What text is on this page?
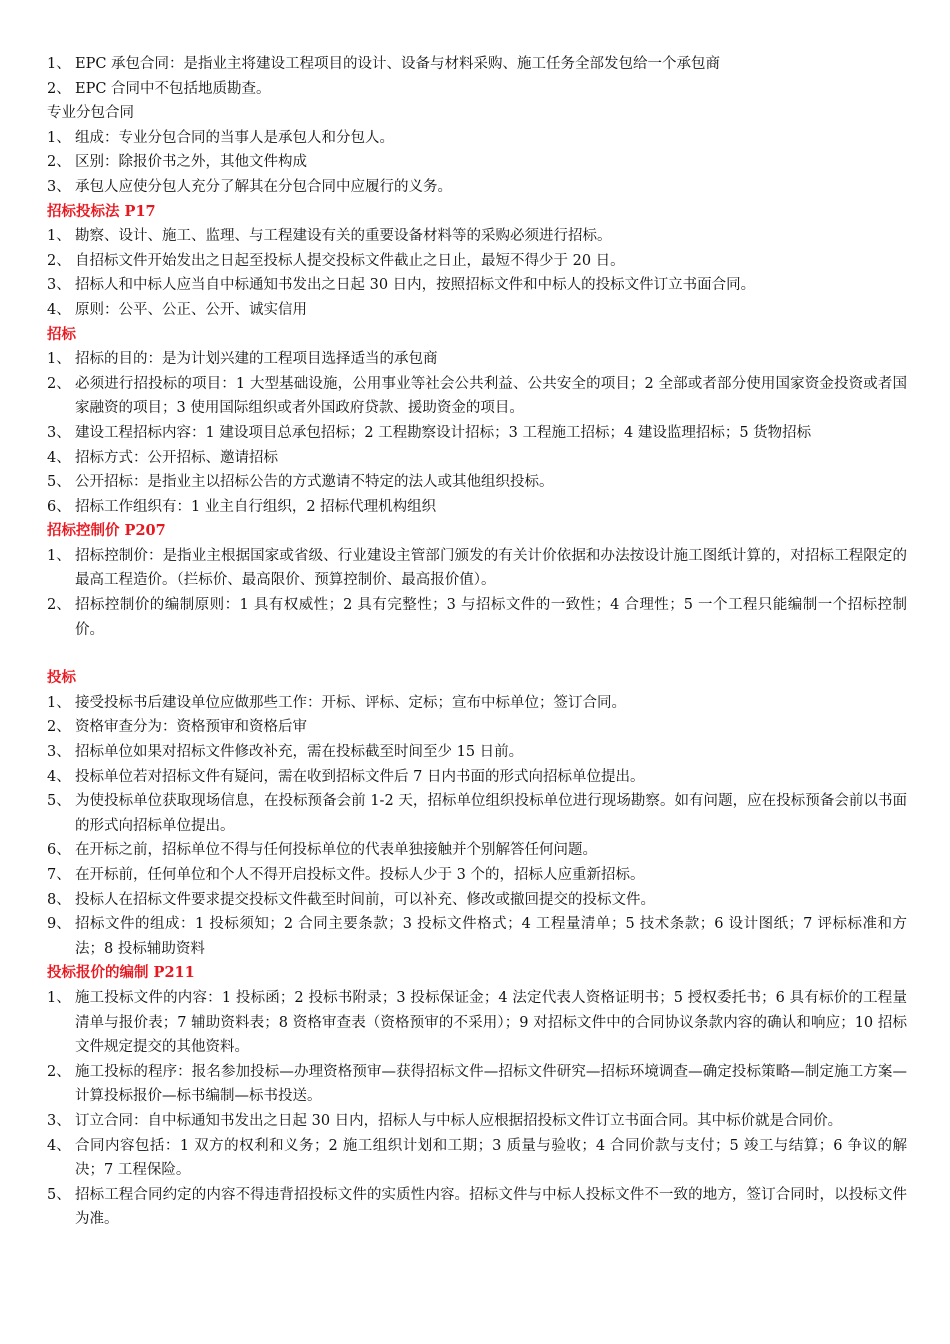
1、 EPC 承包合同：是指业主将建设工程项目的设计、设备与材料采购、施工任务全部发包给一个承包商
2、 EPC 合同中不包括地质勘查。
专业分包合同
1、 组成：专业分包合同的当事人是承包人和分包人。
2、 区别：除报价书之外，其他文件构成
3、 承包人应使分包人充分了解其在分包合同中应履行的义务。
招标投标法 P17
1、 勘察、设计、施工、监理、与工程建设有关的重要设备材料等的采购必须进行招标。
2、 自招标文件开始发出之日起至投标人提交投标文件截止之日止，最短不得少于 20 日。
3、 招标人和中标人应当自中标通知书发出之日起 30 日内，按照招标文件和中标人的投标文件订立书面合同。
4、 原则：公平、公正、公开、诚实信用
招标
1、 招标的目的：是为计划兴建的工程项目选择适当的承包商
2、 必须进行招投标的项目：1 大型基础设施，公用事业等社会公共利益、公共安全的项目；2 全部或者部分使用国家资金投资或者国家融资的项目；3 使用国际组织或者外国政府贷款、援助资金的项目。
3、 建设工程招标内容：1 建设项目总承包招标；2 工程勘察设计招标；3 工程施工招标；4 建设监理招标；5 货物招标
4、 招标方式：公开招标、邀请招标
5、 公开招标：是指业主以招标公告的方式邀请不特定的法人或其他组织投标。
6、 招标工作组织有：1 业主自行组织，2 招标代理机构组织
招标控制价 P207
1、 招标控制价：是指业主根据国家或省级、行业建设主管部门颁发的有关计价依据和办法按设计施工图纸计算的，对招标工程限定的最高工程造价。（拦标价、最高限价、预算控制价、最高报价值）。
2、 招标控制价的编制原则：1 具有权威性；2 具有完整性；3 与招标文件的一致性；4 合理性；5 一个工程只能编制一个招标控制价。
投标
1、 接受投标书后建设单位应做那些工作：开标、评标、定标；宣布中标单位；签订合同。
2、 资格审查分为：资格预审和资格后审
3、 招标单位如果对招标文件修改补充，需在投标截至时间至少 15 日前。
4、 投标单位若对招标文件有疑问，需在收到招标文件后 7 日内书面的形式向招标单位提出。
5、 为使投标单位获取现场信息，在投标预备会前 1-2 天，招标单位组织投标单位进行现场勘察。如有问题，应在投标预备会前以书面的形式向招标单位提出。
6、 在开标之前，招标单位不得与任何投标单位的代表单独接触并个别解答任何问题。
7、 在开标前，任何单位和个人不得开启投标文件。投标人少于 3 个的，招标人应重新招标。
8、 投标人在招标文件要求提交投标文件截至时间前，可以补充、修改或撤回提交的投标文件。
9、 招标文件的组成：1 投标须知；2 合同主要条款；3 投标文件格式；4 工程量清单；5 技术条款；6 设计图纸；7 评标标准和方法；8 投标辅助资料
投标报价的编制 P211
1、 施工投标文件的内容：1 投标函；2 投标书附录；3 投标保证金；4 法定代表人资格证明书；5 授权委托书；6 具有标价的工程量清单与报价表；7 辅助资料表；8 资格审查表（资格预审的不采用）；9 对招标文件中的合同协议条款内容的确认和响应；10 招标文件规定提交的其他资料。
2、 施工投标的程序：报名参加投标—办理资格预审—获得招标文件—招标文件研究—招标环境调查—确定投标策略—制定施工方案—计算投标报价—标书编制—标书投送。
3、 订立合同：自中标通知书发出之日起 30 日内，招标人与中标人应根据招投标文件订立书面合同。其中标价就是合同价。
4、 合同内容包括：1 双方的权利和义务；2 施工组织计划和工期；3 质量与验收；4 合同价款与支付；5 竣工与结算；6 争议的解决；7 工程保险。
5、 招标工程合同约定的内容不得违背招投标文件的实质性内容。招标文件与中标人投标文件不一致的地方，签订合同时，以投标文件为准。
